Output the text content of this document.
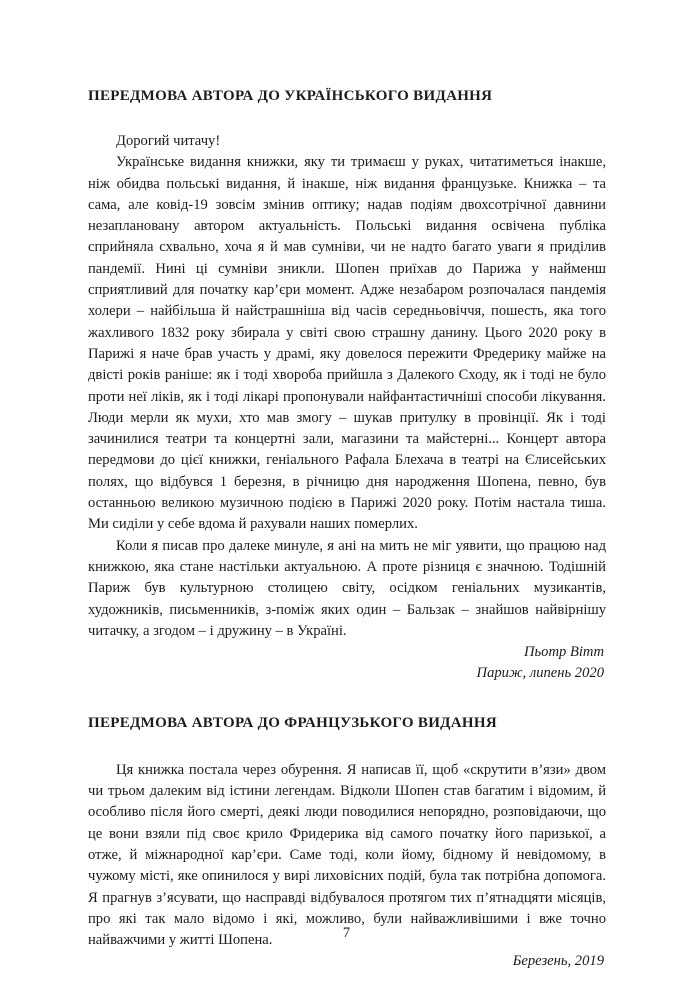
ПЕРЕДМОВА АВТОРА ДО УКРАЇНСЬКОГО ВИДАННЯ

Дорогий читачу!

Українське видання книжки, яку ти тримаєш у руках, читатиметься інакше, ніж обидва польські видання, й інакше, ніж видання французьке. Книжка – та сама, але ковід-19 зовсім змінив оптику; надав подіям двохсотрічної давнини незаплановану автором актуальність. Польські видання освічена публіка сприйняла схвально, хоча я й мав сумніви, чи не надто багато уваги я приділив пандемії. Нині ці сумніви зникли. Шопен приїхав до Парижа у найменш сприятливий для початку кар’єри момент. Адже незабаром розпочалася пандемія холери – найбільша й найстрашніша від часів середньовіччя, пошесть, яка того жахливого 1832 року збирала у світі свою страшну данину. Цього 2020 року в Парижі я наче брав участь у драмі, яку довелося пережити Фредерику майже на двісті років раніше: як і тоді хвороба прийшла з Далекого Сходу, як і тоді не було проти неї ліків, як і тоді лікарі пропонували найфантастичніші способи лікування. Люди мерли як мухи, хто мав змогу – шукав притулку в провінції. Як і тоді зачинилися театри та концертні зали, магазини та майстерні... Концерт автора передмови до цієї книжки, геніального Рафала Блехача в театрі на Єлисейських полях, що відбувся 1 березня, в річницю дня народження Шопена, певно, був останньою великою музичною подією в Парижі 2020 року. Потім настала тиша. Ми сиділи у себе вдома й рахували наших померлих.

Коли я писав про далеке минуле, я ані на мить не міг уявити, що працюю над книжкою, яка стане настільки актуальною. А проте різниця є значною. Тодішній Париж був культурною столицею світу, осідком геніальних музикантів, художників, письменників, з-поміж яких один – Бальзак – знайшов найвірнішу читачку, а згодом – і дружину – в Україні.

Пьотр Вітт
Париж, липень 2020
ПЕРЕДМОВА АВТОРА ДО ФРАНЦУЗЬКОГО ВИДАННЯ

Ця книжка постала через обурення. Я написав її, щоб «скрутити в’язи» двом чи трьом далеким від істини легендам. Відколи Шопен став багатим і відомим, й особливо після його смерті, деякі люди поводилися непорядно, розповідаючи, що це вони взяли під своє крило Фридерика від самого початку його паризької, а отже, й міжнародної кар’єри. Саме тоді, коли йому, бідному й невідомому, в чужому місті, яке опинилося у вирі лиховісних подій, була так потрібна допомога. Я прагнув з’ясувати, що насправді відбувалося протягом тих п’ятнадцяти місяців, про які так мало відомо і які, можливо, були найважливішими і вже точно найважчими у житті Шопена.

Березень, 2019
7
